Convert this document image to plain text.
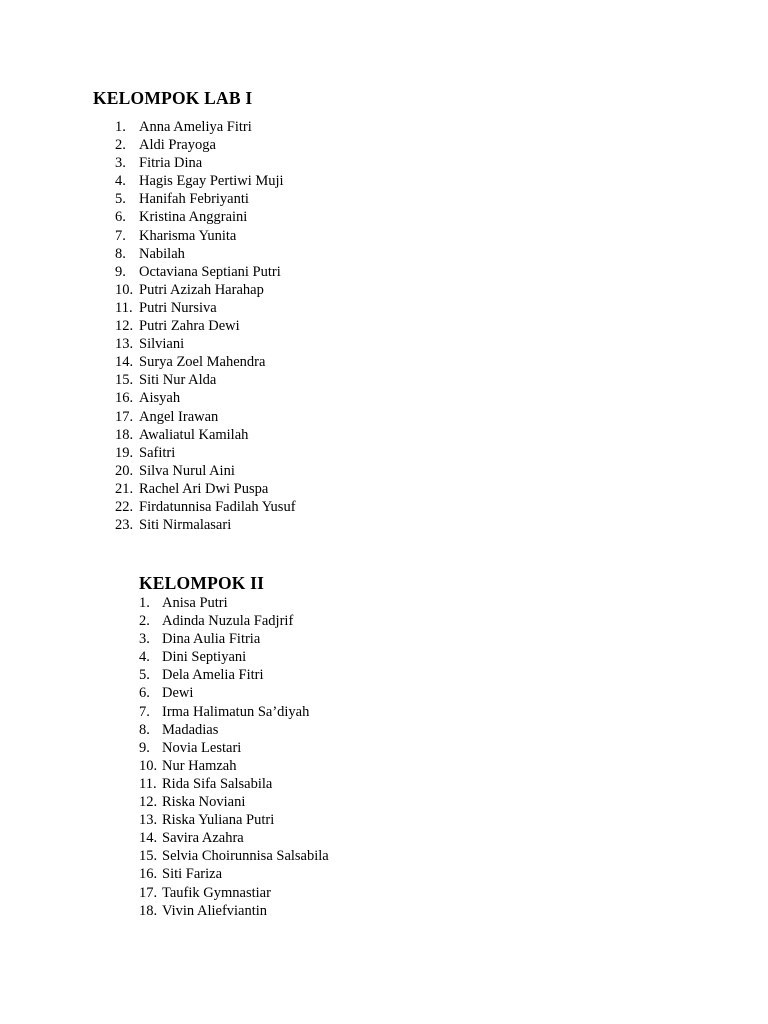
KELOMPOK LAB I
1. Anna Ameliya Fitri
2. Aldi Prayoga
3. Fitria Dina
4. Hagis Egay Pertiwi Muji
5. Hanifah Febriyanti
6. Kristina Anggraini
7. Kharisma Yunita
8. Nabilah
9. Octaviana Septiani Putri
10. Putri Azizah Harahap
11. Putri Nursiva
12. Putri Zahra Dewi
13. Silviani
14. Surya Zoel Mahendra
15. Siti Nur Alda
16. Aisyah
17. Angel Irawan
18. Awaliatul Kamilah
19. Safitri
20. Silva Nurul Aini
21. Rachel Ari Dwi Puspa
22. Firdatunnisa Fadilah Yusuf
23. Siti Nirmalasari
KELOMPOK II
1. Anisa Putri
2. Adinda Nuzula Fadjrif
3. Dina Aulia Fitria
4. Dini Septiyani
5. Dela Amelia Fitri
6. Dewi
7. Irma Halimatun Sa’diyah
8. Madadias
9. Novia Lestari
10. Nur Hamzah
11. Rida Sifa Salsabila
12. Riska Noviani
13. Riska Yuliana Putri
14. Savira Azahra
15. Selvia Choirunnisa Salsabila
16. Siti Fariza
17. Taufik Gymnastiar
18. Vivin Aliefviantin
